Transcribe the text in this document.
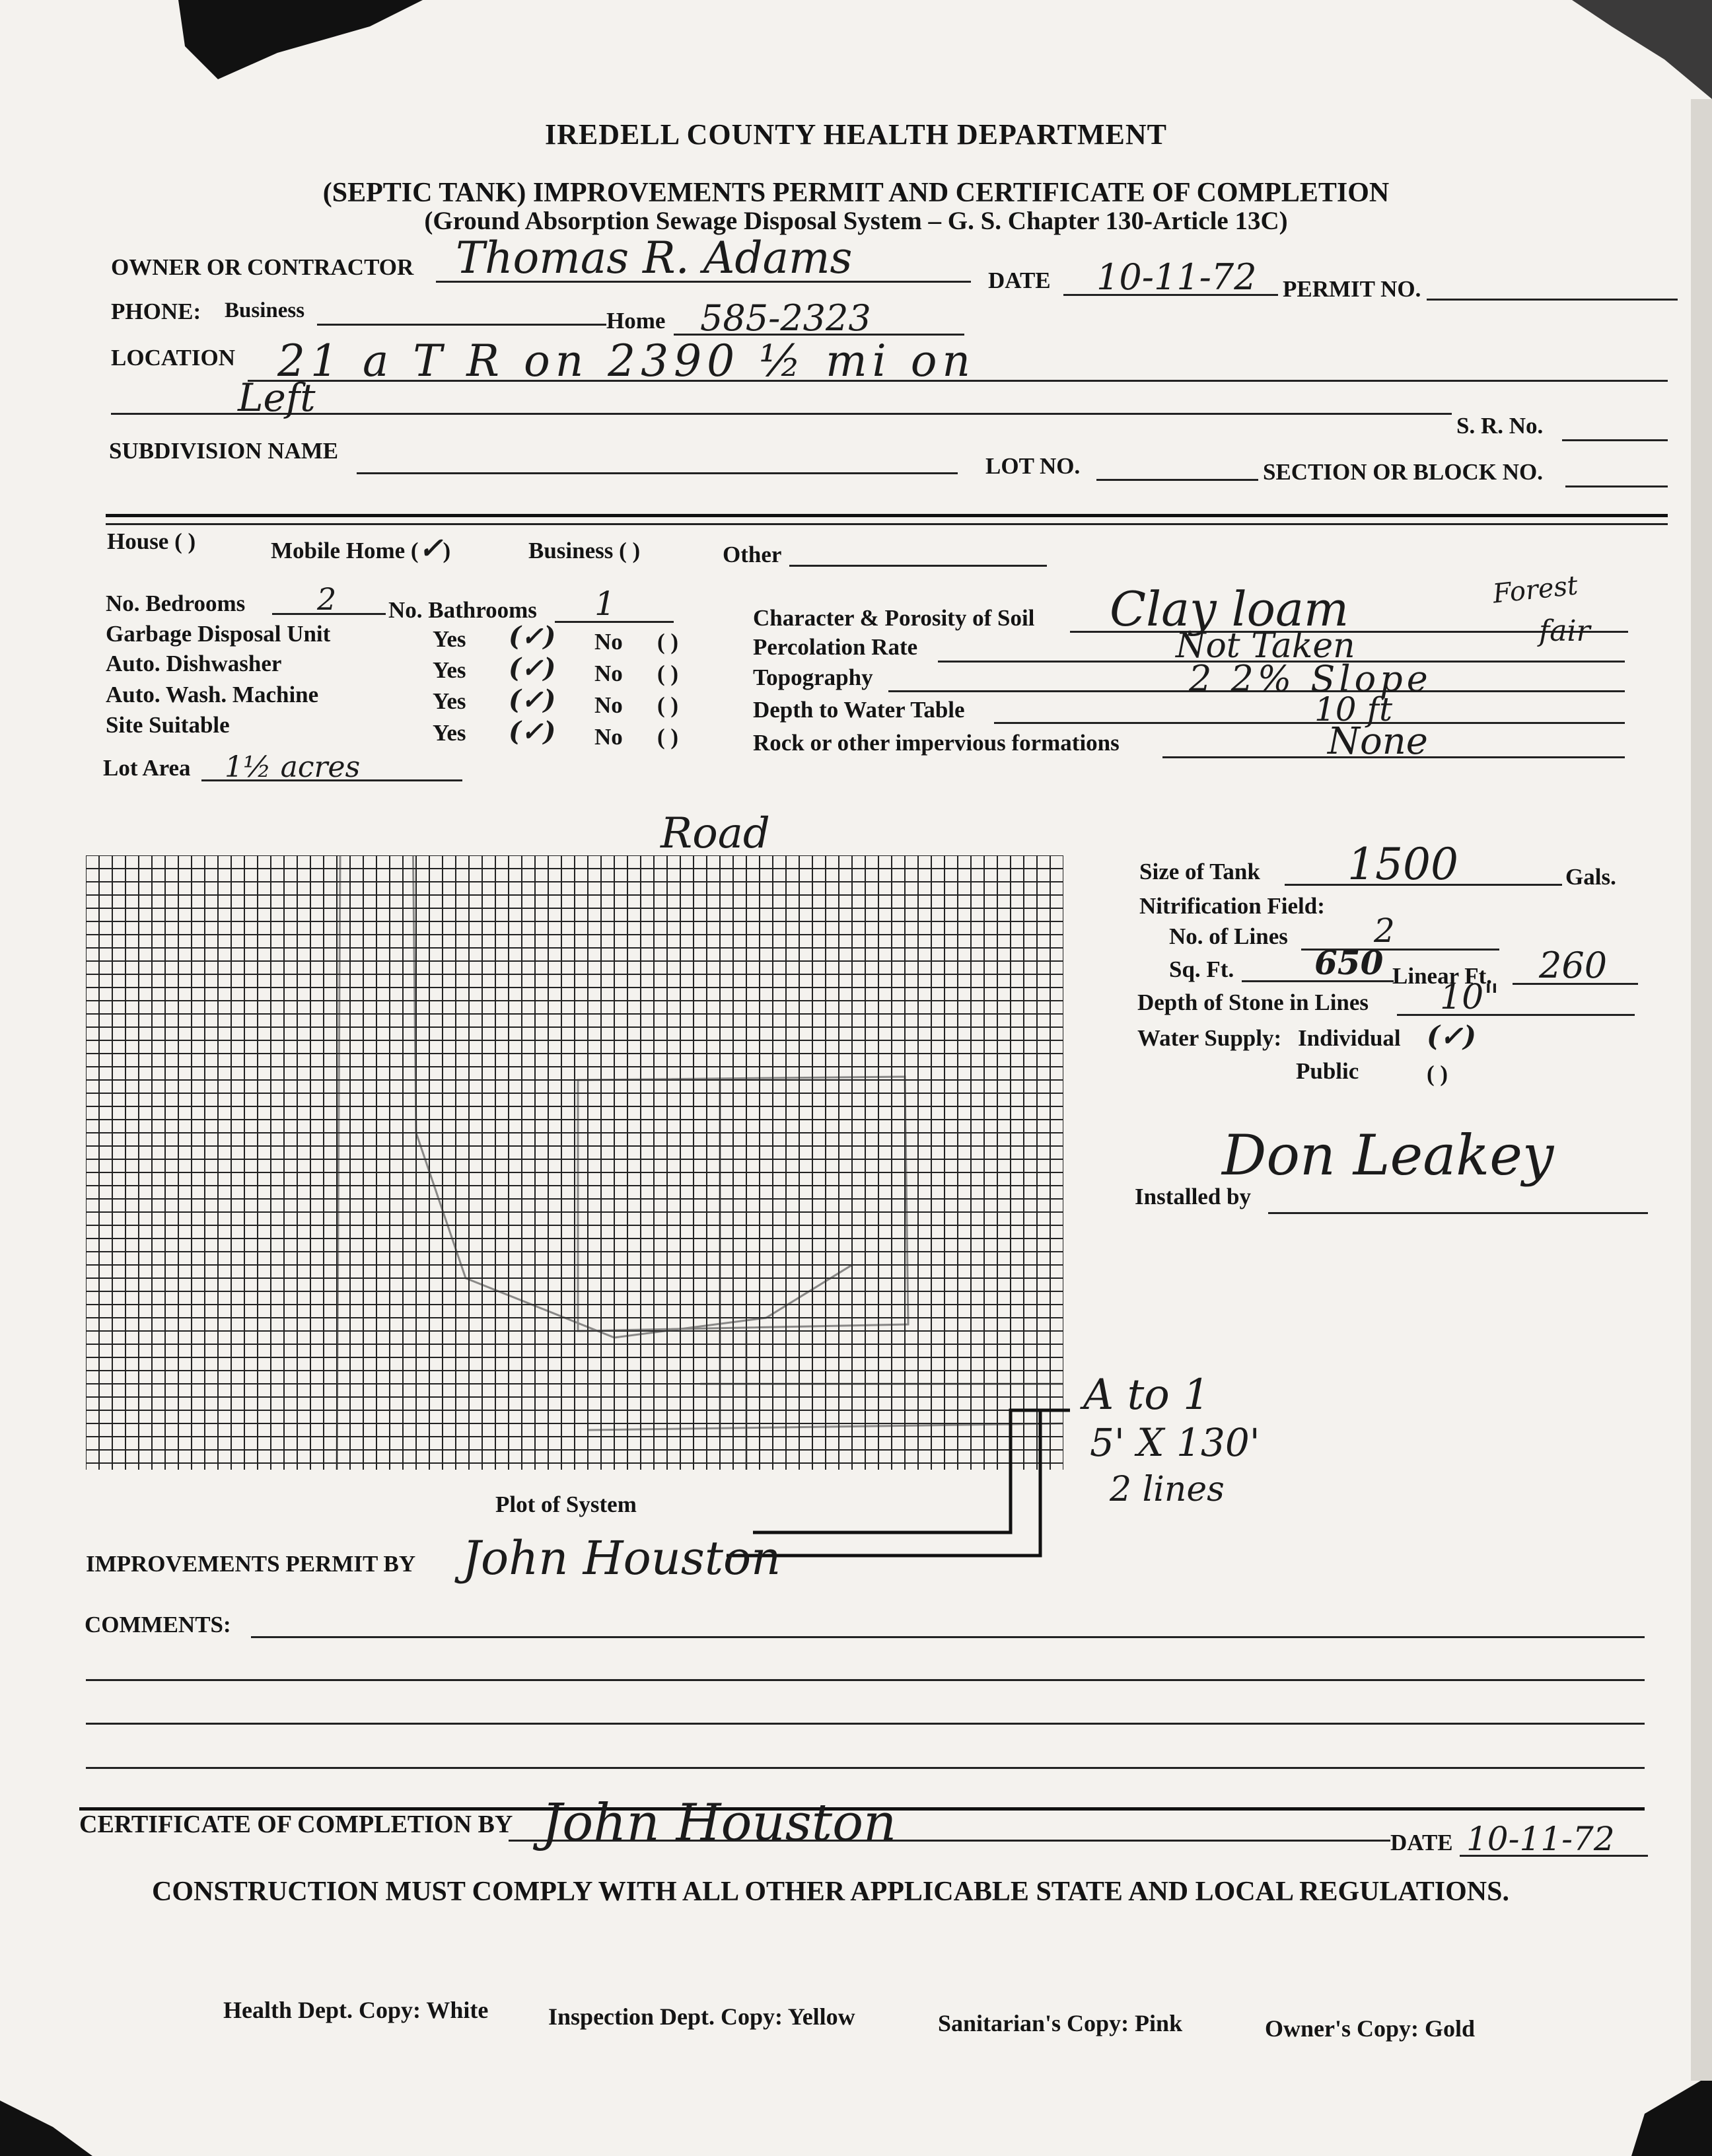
IREDELL COUNTY HEALTH DEPARTMENT
(SEPTIC TANK) IMPROVEMENTS PERMIT AND CERTIFICATE OF COMPLETION
(Ground Absorption Sewage Disposal System – G. S. Chapter 130-Article 13C)
OWNER OR CONTRACTOR Thomas R. Adams	DATE 10-11-72 PERMIT NO.
PHONE: Business	Home 585-2323
LOCATION 21 a T R on 2390 ½ mi on
Left
S. R. No.
SUBDIVISION NAME
LOT NO.	SECTION OR BLOCK NO.
House ( )	Mobile Home (✓)	Business ( )	Other
No. Bedrooms 2 No. Bathrooms 1
Garbage Disposal Unit	Yes (✓) No ( )
Auto. Dishwasher	Yes (✓) No ( )
Auto. Wash. Machine	Yes (✓) No ( )
Site Suitable	Yes (✓) No ( )
Lot Area 1½ acres
Character & Porosity of Soil Clay loam	Forest
fair
Percolation Rate	Not Taken
Topography	2 2% Slope
Depth to Water Table	10 ft
Rock or other impervious formations	None
Road
Plot of System
A to 1
5' X 130'
2 lines
Size of Tank 1500	Gals.
Nitrification Field:
No. of Lines	2
Sq. Ft. 650 Linear Ft. 260
Depth of Stone in Lines 10"
Water Supply: Individual (✓)
Public	( )
Installed by
Don Leakey
IMPROVEMENTS PERMIT BY John Houston
COMMENTS:
CERTIFICATE OF COMPLETION BY John Houston	DATE 10-11-72
CONSTRUCTION MUST COMPLY WITH ALL OTHER APPLICABLE STATE AND LOCAL REGULATIONS.
Health Dept. Copy: White	Inspection Dept. Copy: Yellow	Sanitarian's Copy: Pink	Owner's Copy: Gold
